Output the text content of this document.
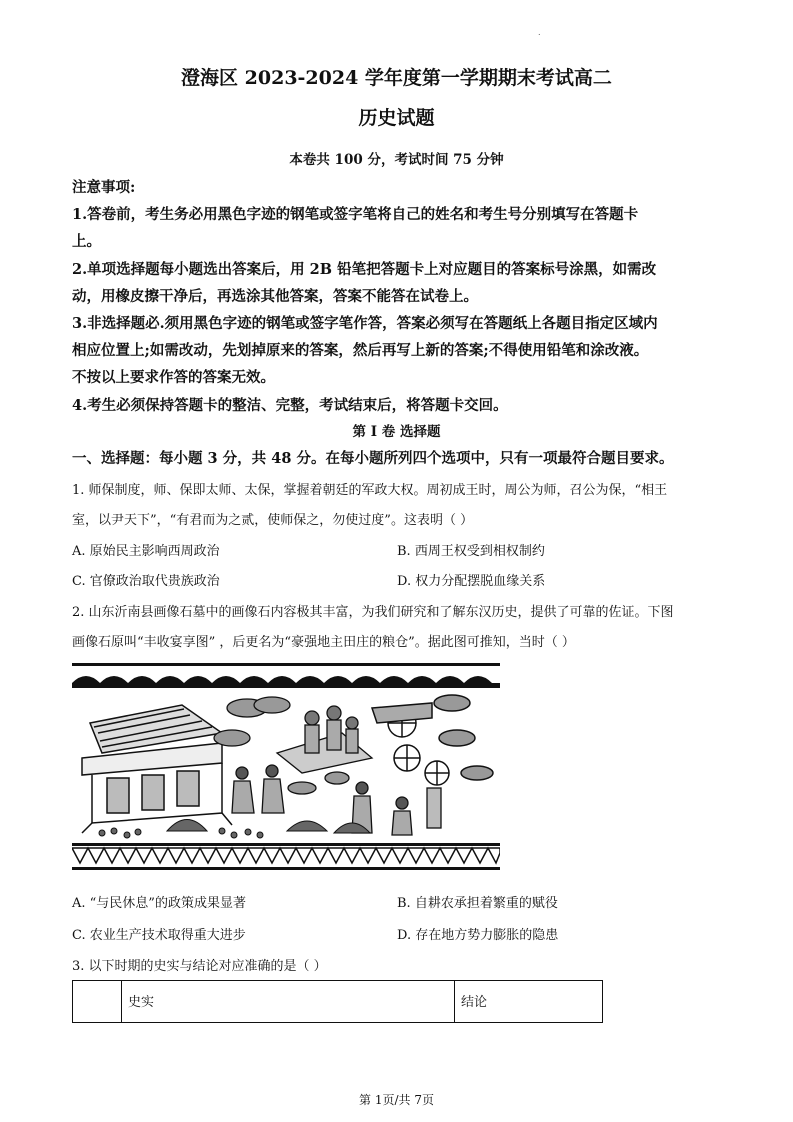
.
澄海区 2023-2024 学年度第一学期期末考试高二
历史试题
本卷共 100 分，考试时间 75 分钟
注意事项:
1.答卷前，考生务必用黑色字迹的钢笔或签字笔将自己的姓名和考生号分别填写在答题卡
上。
2.单项选择题每小题选出答案后，用 2B 铅笔把答题卡上对应题目的答案标号涂黑，如需改
动，用橡皮擦干净后，再选涂其他答案，答案不能答在试卷上。
3.非选择题必.须用黑色字迹的钢笔或签字笔作答，答案必须写在答题纸上各题目指定区域内
相应位置上;如需改动，先划掉原来的答案，然后再写上新的答案;不得使用铅笔和涂改液。
不按以上要求作答的答案无效。
4.考生必须保持答题卡的整洁、完整，考试结束后，将答题卡交回。
第 I 卷 选择题
一、选择题：每小题 3 分，共 48 分。在每小题所列四个选项中，只有一项最符合题目要求。
1. 师保制度，师、保即太师、太保，掌握着朝廷的军政大权。周初成王时，周公为师，召公为保，“相王
室，以尹天下”，“有君而为之贰，使师保之，勿使过度”。这表明（ ）
A. 原始民主影响西周政治	B. 西周王权受到相权制约
C. 官僚政治取代贵族政治	D. 权力分配摆脱血缘关系
2. 山东沂南县画像石墓中的画像石内容极其丰富，为我们研究和了解东汉历史，提供了可靠的佐证。下图
画像石原叫“丰收宴享图” ，后更名为“豪强地主田庄的粮仓”。据此图可推知，当时（ ）
A. “与民休息”的政策成果显著	B. 自耕农承担着繁重的赋役
C. 农业生产技术取得重大进步	D. 存在地方势力膨胀的隐患
3. 以下时期的史实与结论对应准确的是（ ）
	史实	结论
第 1页/共 7页
